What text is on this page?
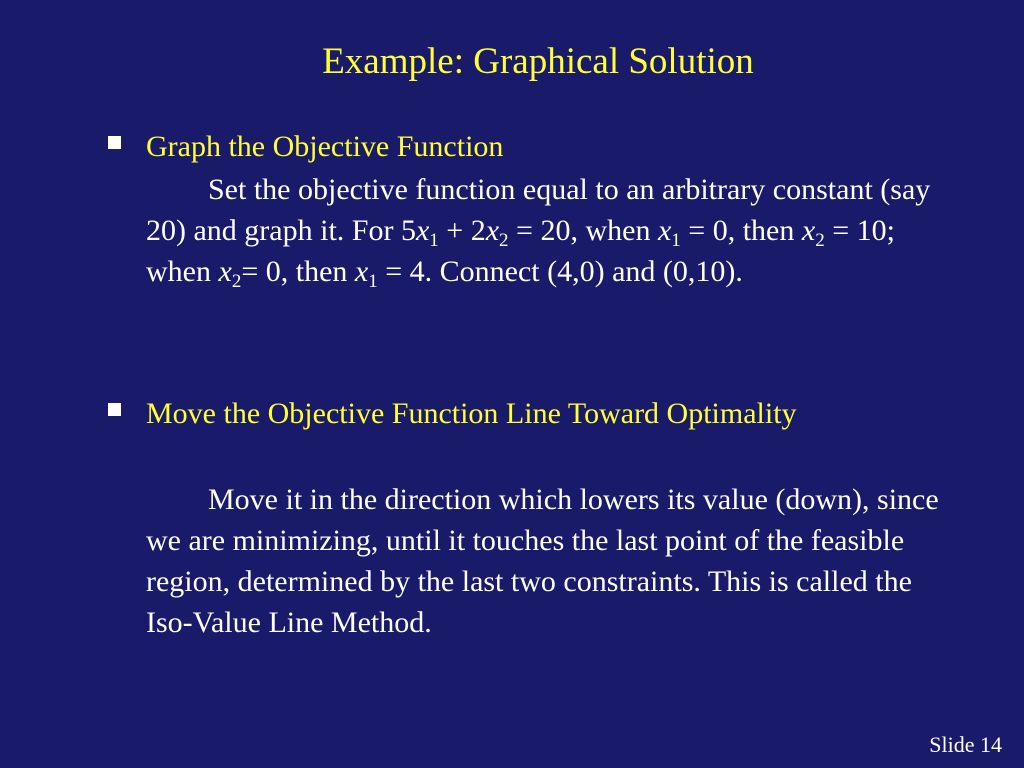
Example: Graphical Solution
Graph the Objective Function
Set the objective function equal to an arbitrary constant (say 20) and graph it. For $5x_1 + 2x_2 = 20$, when $x_1 = 0$, then $x_2 = 10$; when $x_2= 0$, then $x_1 = 4$. Connect (4,0) and (0,10).
Move the Objective Function Line Toward Optimality
Move it in the direction which lowers its value (down), since we are minimizing, until it touches the last point of the feasible region, determined by the last two constraints. This is called the Iso-Value Line Method.
Slide 14
